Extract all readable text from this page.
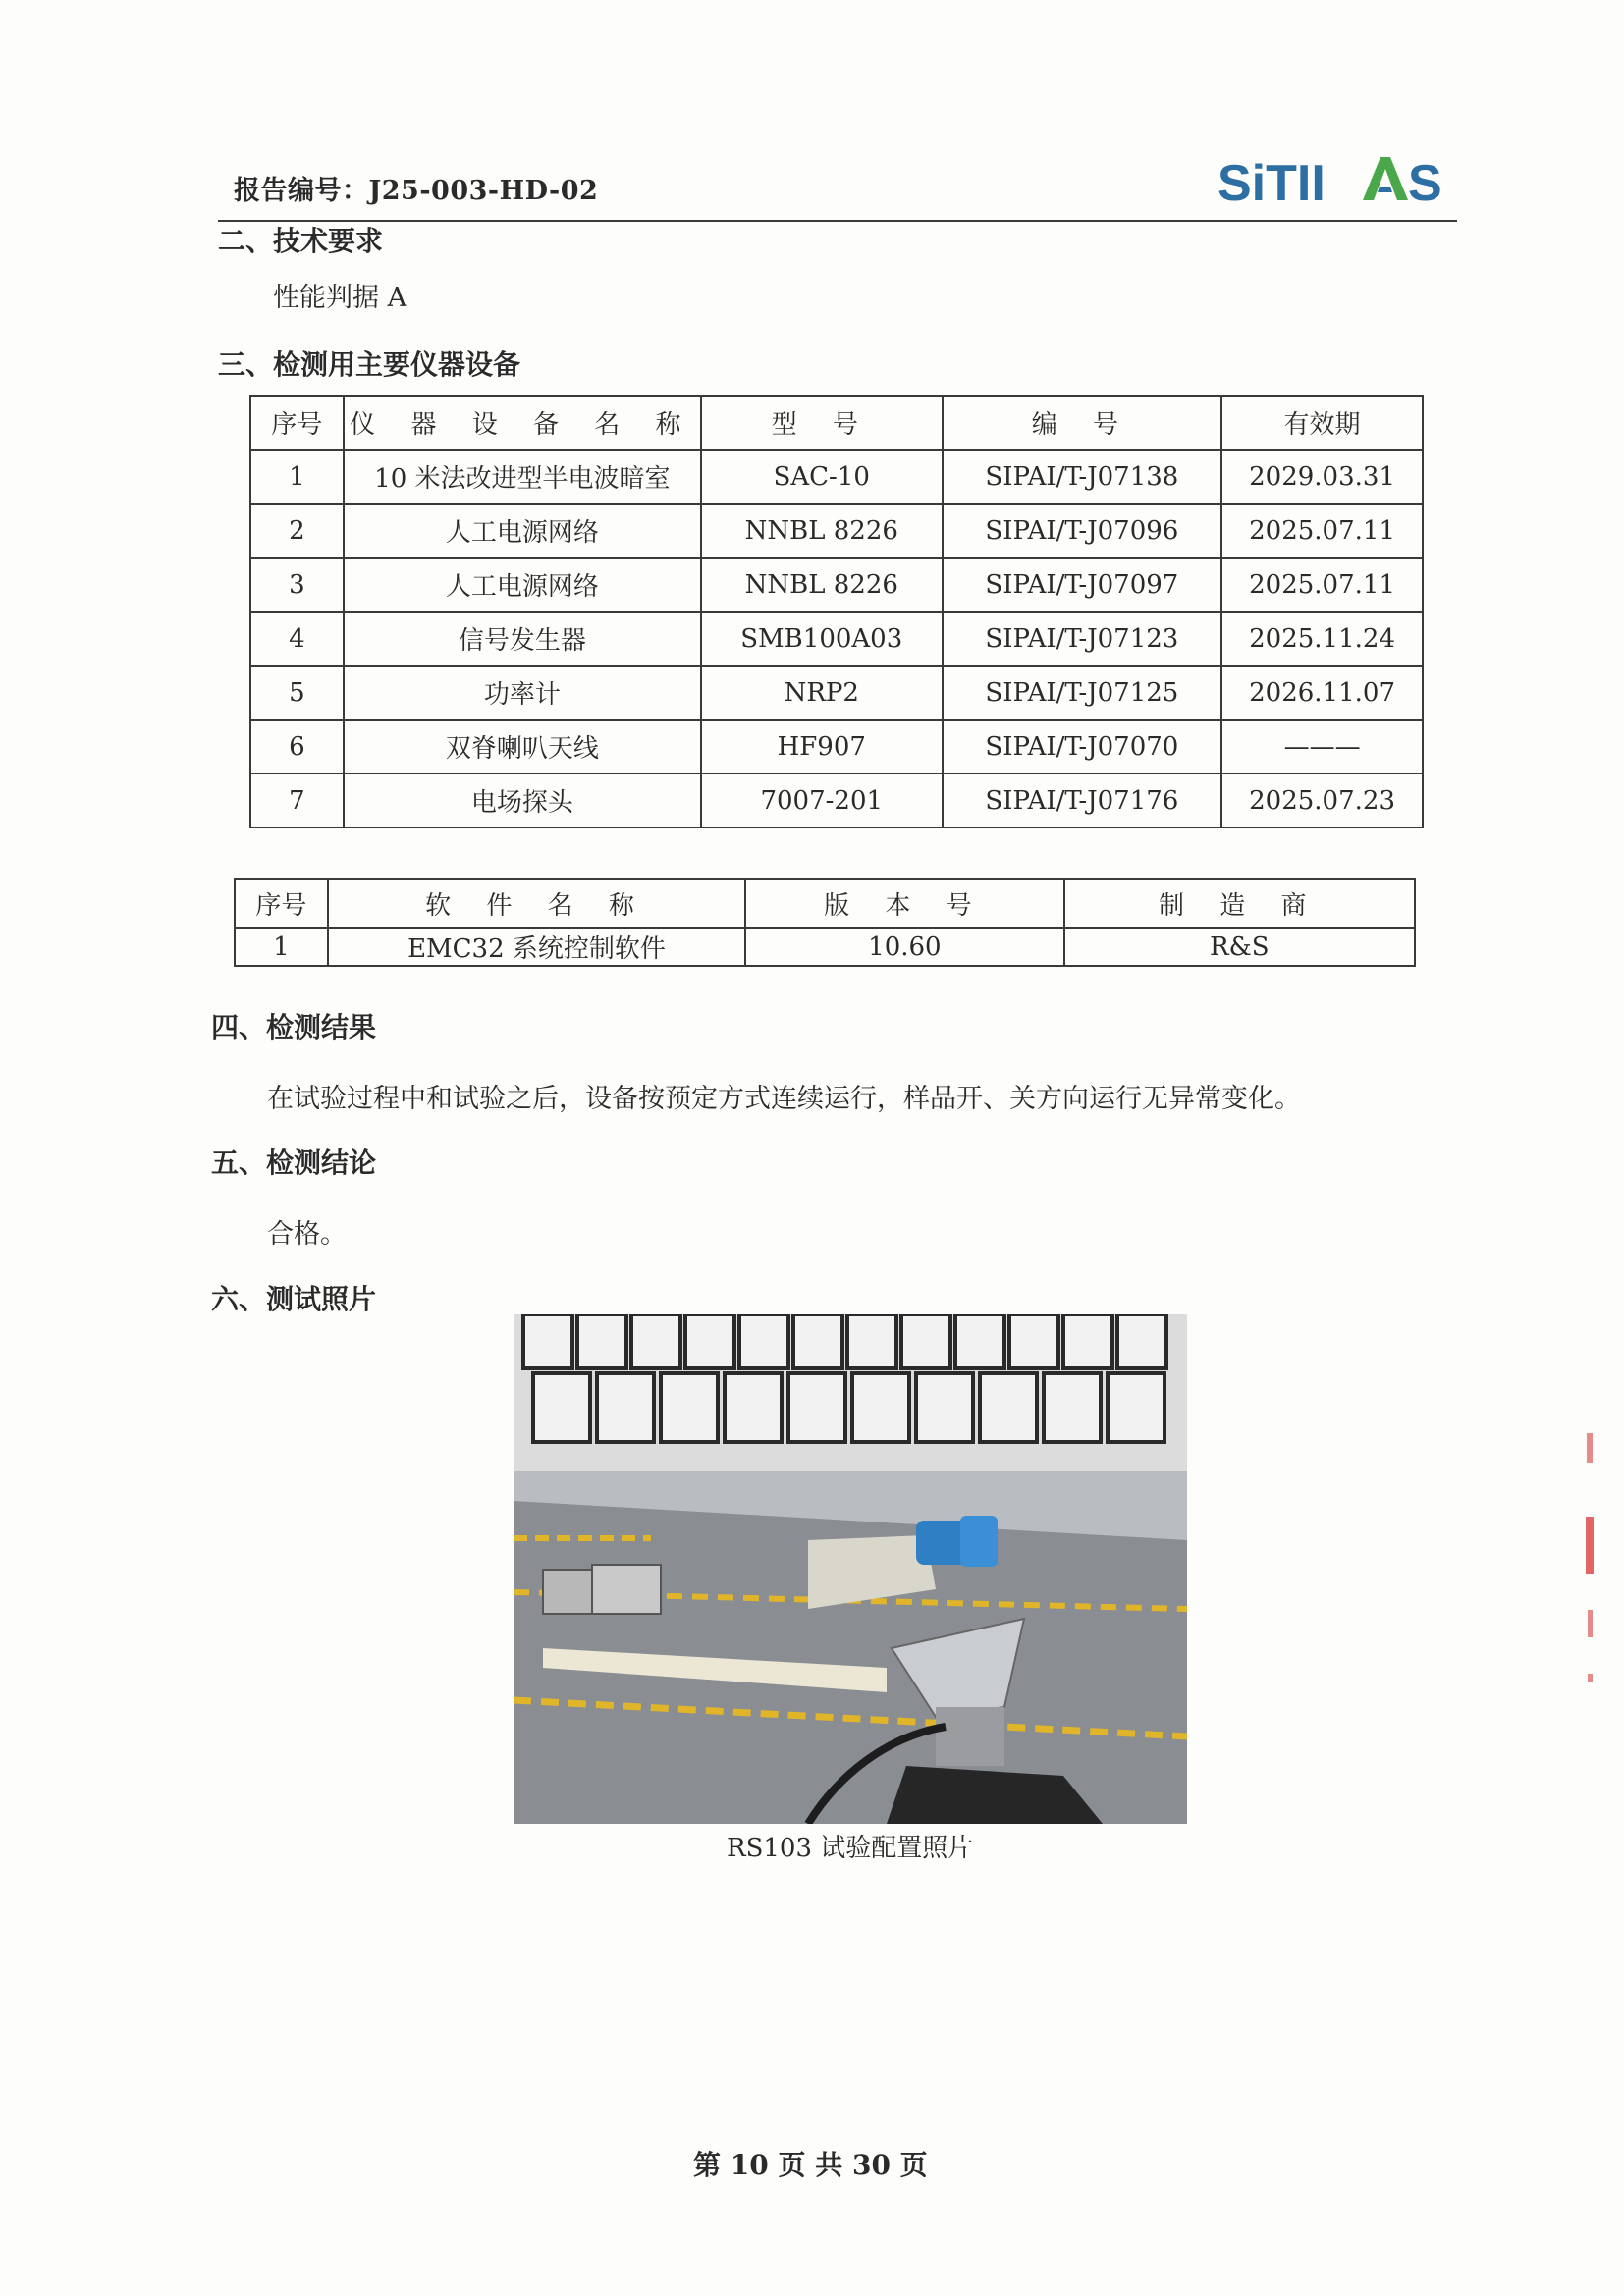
报告编号：J25-003-HD-02	SiTII S
二、技术要求
性能判据 A
三、检测用主要仪器设备
序号	仪 器 设 备 名 称	型 号	编 号	有效期
1	10 米法改进型半电波暗室	SAC-10	SIPAI/T-J07138	2029.03.31
2	人工电源网络	NNBL 8226	SIPAI/T-J07096	2025.07.11
3	人工电源网络	NNBL 8226	SIPAI/T-J07097	2025.07.11
4	信号发生器	SMB100A03	SIPAI/T-J07123	2025.11.24
5	功率计	NRP2	SIPAI/T-J07125	2026.11.07
6	双脊喇叭天线	HF907	SIPAI/T-J07070	———
7	电场探头	7007-201	SIPAI/T-J07176	2025.07.23
序号	软 件 名 称	版 本 号	制 造 商
1	EMC32 系统控制软件	10.60	R&S
四、检测结果
在试验过程中和试验之后，设备按预定方式连续运行，样品开、关方向运行无异常变化。
五、检测结论
合格。
六、测试照片
RS103 试验配置照片
第 10 页 共 30 页
